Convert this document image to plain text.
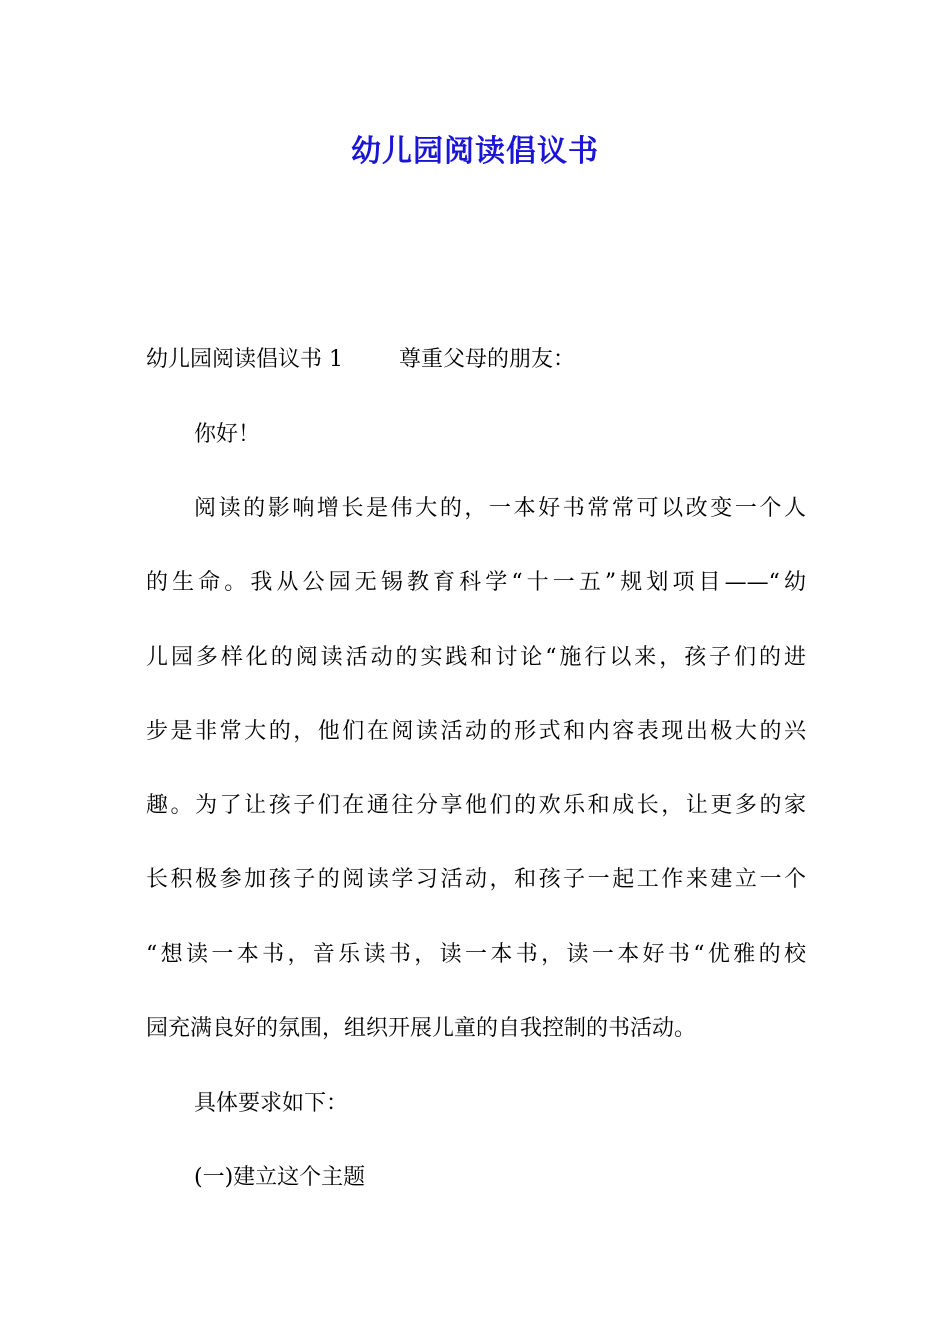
幼儿园阅读倡议书
幼儿园阅读倡议书 1	尊重父母的朋友：
你好！
阅读的影响增长是伟大的，一本好书常常可以改变一个人
的生命。我从公园无锡教育科学“十一五”规划项目——“幼
儿园多样化的阅读活动的实践和讨论“施行以来，孩子们的进
步是非常大的，他们在阅读活动的形式和内容表现出极大的兴
趣。为了让孩子们在通往分享他们的欢乐和成长，让更多的家
长积极参加孩子的阅读学习活动，和孩子一起工作来建立一个
“想读一本书，音乐读书，读一本书，读一本好书“优雅的校
园充满良好的氛围，组织开展儿童的自我控制的书活动。
具体要求如下：
(一)建立这个主题
